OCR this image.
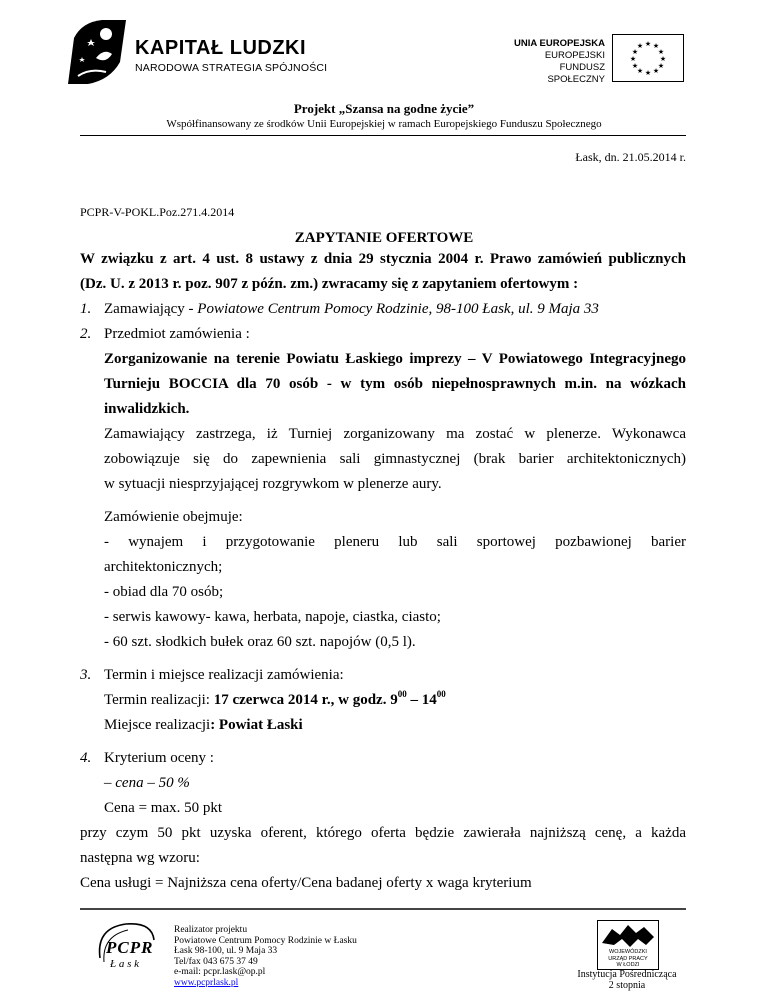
KAPITAŁ LUDZKI
NARODOWA STRATEGIA SPÓJNOŚCI
UNIA EUROPEJSKA
EUROPEJSKI
FUNDUSZ SPOŁECZNY
★ ★
★
★
★
★
★
★
★
★
★
★
Projekt „Szansa na godne życie”
Współfinansowany ze środków Unii Europejskiej w ramach Europejskiego Funduszu Społecznego
Łask, dn. 21.05.2014 r.
PCPR-V-POKL.Poz.271.4.2014
ZAPYTANIE OFERTOWE
W związku z art. 4 ust. 8 ustawy z dnia 29 stycznia 2004 r. Prawo zamówień publicznych
(Dz. U. z 2013 r. poz. 907 z późn. zm.) zwracamy się z zapytaniem ofertowym :
1. Zamawiający - Powiatowe Centrum Pomocy Rodzinie, 98-100 Łask, ul. 9 Maja 33
2. Przedmiot zamówienia :
Zorganizowanie na terenie Powiatu Łaskiego imprezy – V Powiatowego Integracyjnego
Turnieju BOCCIA dla 70 osób - w tym osób niepełnosprawnych m.in. na wózkach
inwalidzkich.
Zamawiający zastrzega, iż Turniej zorganizowany ma zostać w plenerze. Wykonawca
zobowiązuje się do zapewnienia sali gimnastycznej (brak barier architektonicznych)
w sytuacji niesprzyjającej rozgrywkom w plenerze aury.
Zamówienie obejmuje:
- wynajem i przygotowanie pleneru lub sali sportowej pozbawionej barier
architektonicznych;
- obiad dla 70 osób;
- serwis kawowy- kawa, herbata, napoje, ciastka, ciasto;
- 60 szt. słodkich bułek oraz 60 szt. napojów (0,5 l).
3. Termin i miejsce realizacji zamówienia:
Termin realizacji: 17 czerwca 2014 r., w godz. $9^{00} - 14^{00}$
Miejsce realizacji: Powiat Łaski
4. Kryterium oceny :
– cena – 50 %
Cena = max. 50 pkt
przy czym 50 pkt uzyska oferent, którego oferta będzie zawierała najniższą cenę, a każda
następna wg wzoru:
Cena usługi = Najniższa cena oferty/Cena badanej oferty x waga kryterium
PCPR
Ł a s k
Realizator projektu
Powiatowe Centrum Pomocy Rodzinie w Łasku
Łask 98-100, ul. 9 Maja 33
Tel/fax 043 675 37 49
e-mail: pcpr.lask@op.pl
www.pcprlask.pl
WOJEWÓDZKI
URZĄD PRACY
W ŁODZI
Instytucja Pośrednicząca
2 stopnia
